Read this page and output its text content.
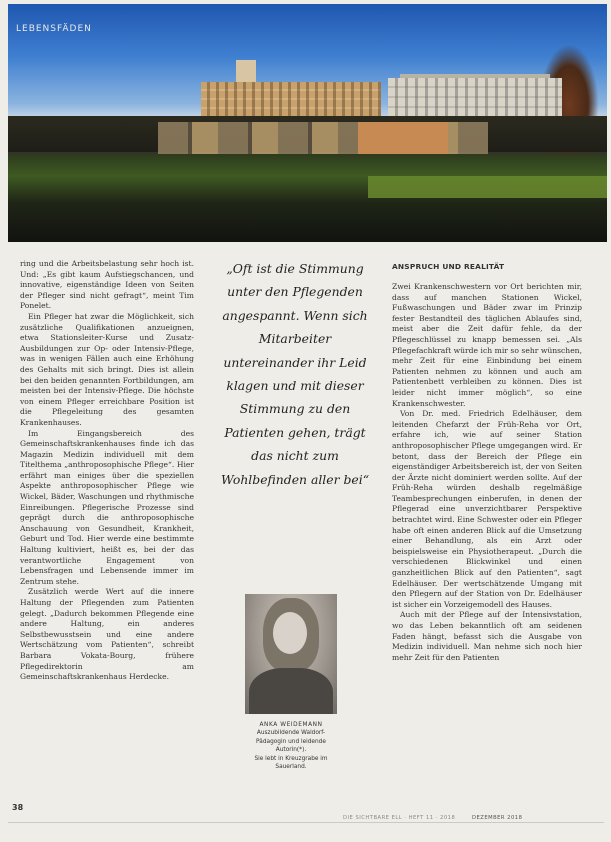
LEBENSFÄDEN

ring und die Arbeitsbelastung sehr hoch ist. Und: „Es gibt kaum Aufstiegschancen, und innovative, eigenständige Ideen von Seiten der Pfleger sind nicht gefragt“, meint Tim Ponelet.

Ein Pfleger hat zwar die Möglichkeit, sich zusätzliche Qualifikationen anzueignen, etwa Stationsleiter-Kurse und Zusatz-Ausbildungen zur Op- oder Intensiv-Pflege, was in wenigen Fällen auch eine Erhöhung des Gehalts mit sich bringt. Dies ist allein bei den beiden genannten Fortbildungen, am meisten bei der Intensiv-Pflege. Die höchste von einem Pfleger erreichbare Position ist die Pflegeleitung des gesamten Krankenhauses.

Im Eingangsbereich des Gemeinschaftskrankenhauses finde ich das Magazin Medizin individuell mit dem Titelthema „anthroposophische Pflege“. Hier erfährt man einiges über die speziellen Aspekte anthroposophischer Pflege wie Wickel, Bäder, Waschungen und rhythmische Einreibungen. Pflegerische Prozesse sind geprägt durch die anthroposophische Anschauung von Gesundheit, Krankheit, Geburt und Tod. Hier werde eine bestimmte Haltung kultiviert, heißt es, bei der das verantwortliche Engagement von Lebensfragen und Lebensende immer im Zentrum stehe.

Zusätzlich werde Wert auf die innere Haltung der Pflegenden zum Patienten gelegt. „Dadurch bekommen Pflegende eine andere Haltung, ein anderes Selbstbewusstsein und eine andere Wertschätzung vom Patienten“, schreibt Barbara Vokata-Bourg, frühere Pflegedirektorin am Gemeinschaftskrankenhaus Herdecke.

„Oft ist die Stimmung unter den Pflegenden angespannt. Wenn sich Mitarbeiter untereinander ihr Leid klagen und mit dieser Stimmung zu den Patienten gehen, trägt das nicht zum Wohlbefinden aller bei“
ANKA WEIDEMANN
Auszubildende Waldorf-
Pädagogin und leidende
Autorin(*).
Sie lebt in Kreuzgrabe im
Sauerland.
ANSPRUCH UND REALITÄT

Zwei Krankenschwestern vor Ort berichten mir, dass auf manchen Stationen Wickel, Fußwaschungen und Bäder zwar im Prinzip fester Bestandteil des täglichen Ablaufes sind, meist aber die Zeit dafür fehle, da der Pflegeschlüssel zu knapp bemessen sei. „Als Pflegefachkraft würde ich mir so sehr wünschen, mehr Zeit für eine Einbindung bei einem Patienten nehmen zu können und auch am Patientenbett verbleiben zu können. Dies ist leider nicht immer möglich“, so eine Krankenschwester.

Von Dr. med. Friedrich Edelhäuser, dem leitenden Chefarzt der Früh-Reha vor Ort, erfahre ich, wie auf seiner Station anthroposophischer Pflege umgegangen wird. Er betont, dass der Bereich der Pflege ein eigenständiger Arbeitsbereich ist, der von Seiten der Ärzte nicht dominiert werden sollte. Auf der Früh-Reha würden deshalb regelmäßige Teambesprechungen einberufen, in denen der Pflegerad eine unverzichtbarer Perspektive betrachtet wird. Eine Schwester oder ein Pfleger habe oft einen anderen Blick auf die Umsetzung einer Behandlung, als ein Arzt oder beispielsweise ein Physiotherapeut. „Durch die verschiedenen Blickwinkel und einen ganzheitlichen Blick auf den Patienten“, sagt Edelhäuser. Der wertschätzende Umgang mit den Pflegern auf der Station von Dr. Edelhäuser ist sicher ein Vorzeigemodell des Hauses.

Auch mit der Pflege auf der Intensivstation, wo das Leben bekanntlich oft am seidenen Faden hängt, befasst sich die Ausgabe von Medizin individuell. Man nehme sich noch hier mehr Zeit für den Patienten

38
DIE SICHTBARE ELL · HEFT 11 · 2018	DEZEMBER 2018
